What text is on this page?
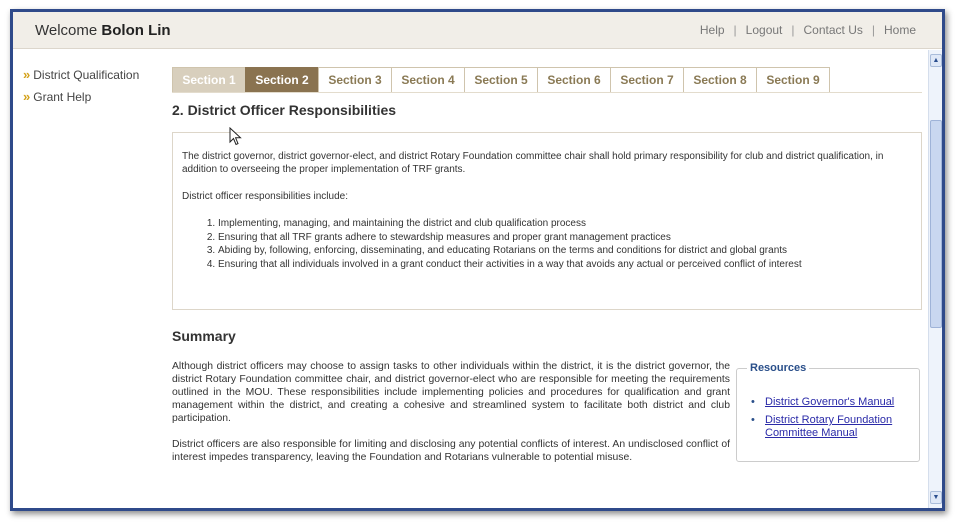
Welcome Bolon Lin	Help | Logout | Contact Us | Home
» District Qualification
» Grant Help
Section 1	Section 2	Section 3	Section 4	Section 5	Section 6	Section 7	Section 8	Section 9
2. District Officer Responsibilities

The district governor, district governor-elect, and district Rotary Foundation committee chair shall hold primary responsibility for club and district qualification, in addition to overseeing the proper implementation of TRF grants.

District officer responsibilities include:

1. Implementing, managing, and maintaining the district and club qualification process
2. Ensuring that all TRF grants adhere to stewardship measures and proper grant management practices
3. Abiding by, following, enforcing, disseminating, and educating Rotarians on the terms and conditions for district and global grants
4. Ensuring that all individuals involved in a grant conduct their activities in a way that avoids any actual or perceived conflict of interest
Summary

Although district officers may choose to assign tasks to other individuals within the district, it is the district governor, the district Rotary Foundation committee chair, and district governor-elect who are responsible for meeting the requirements outlined in the MOU. These responsibilities include implementing policies and procedures for qualification and grant management within the district, and creating a cohesive and streamlined system to facilitate both district and club participation.

District officers are also responsible for limiting and disclosing any potential conflicts of interest. An undisclosed conflict of interest impedes transparency, leaving the Foundation and Rotarians vulnerable to potential misuse.

Resources
• District Governor's Manual
• District Rotary Foundation Committee Manual
▲
▼
